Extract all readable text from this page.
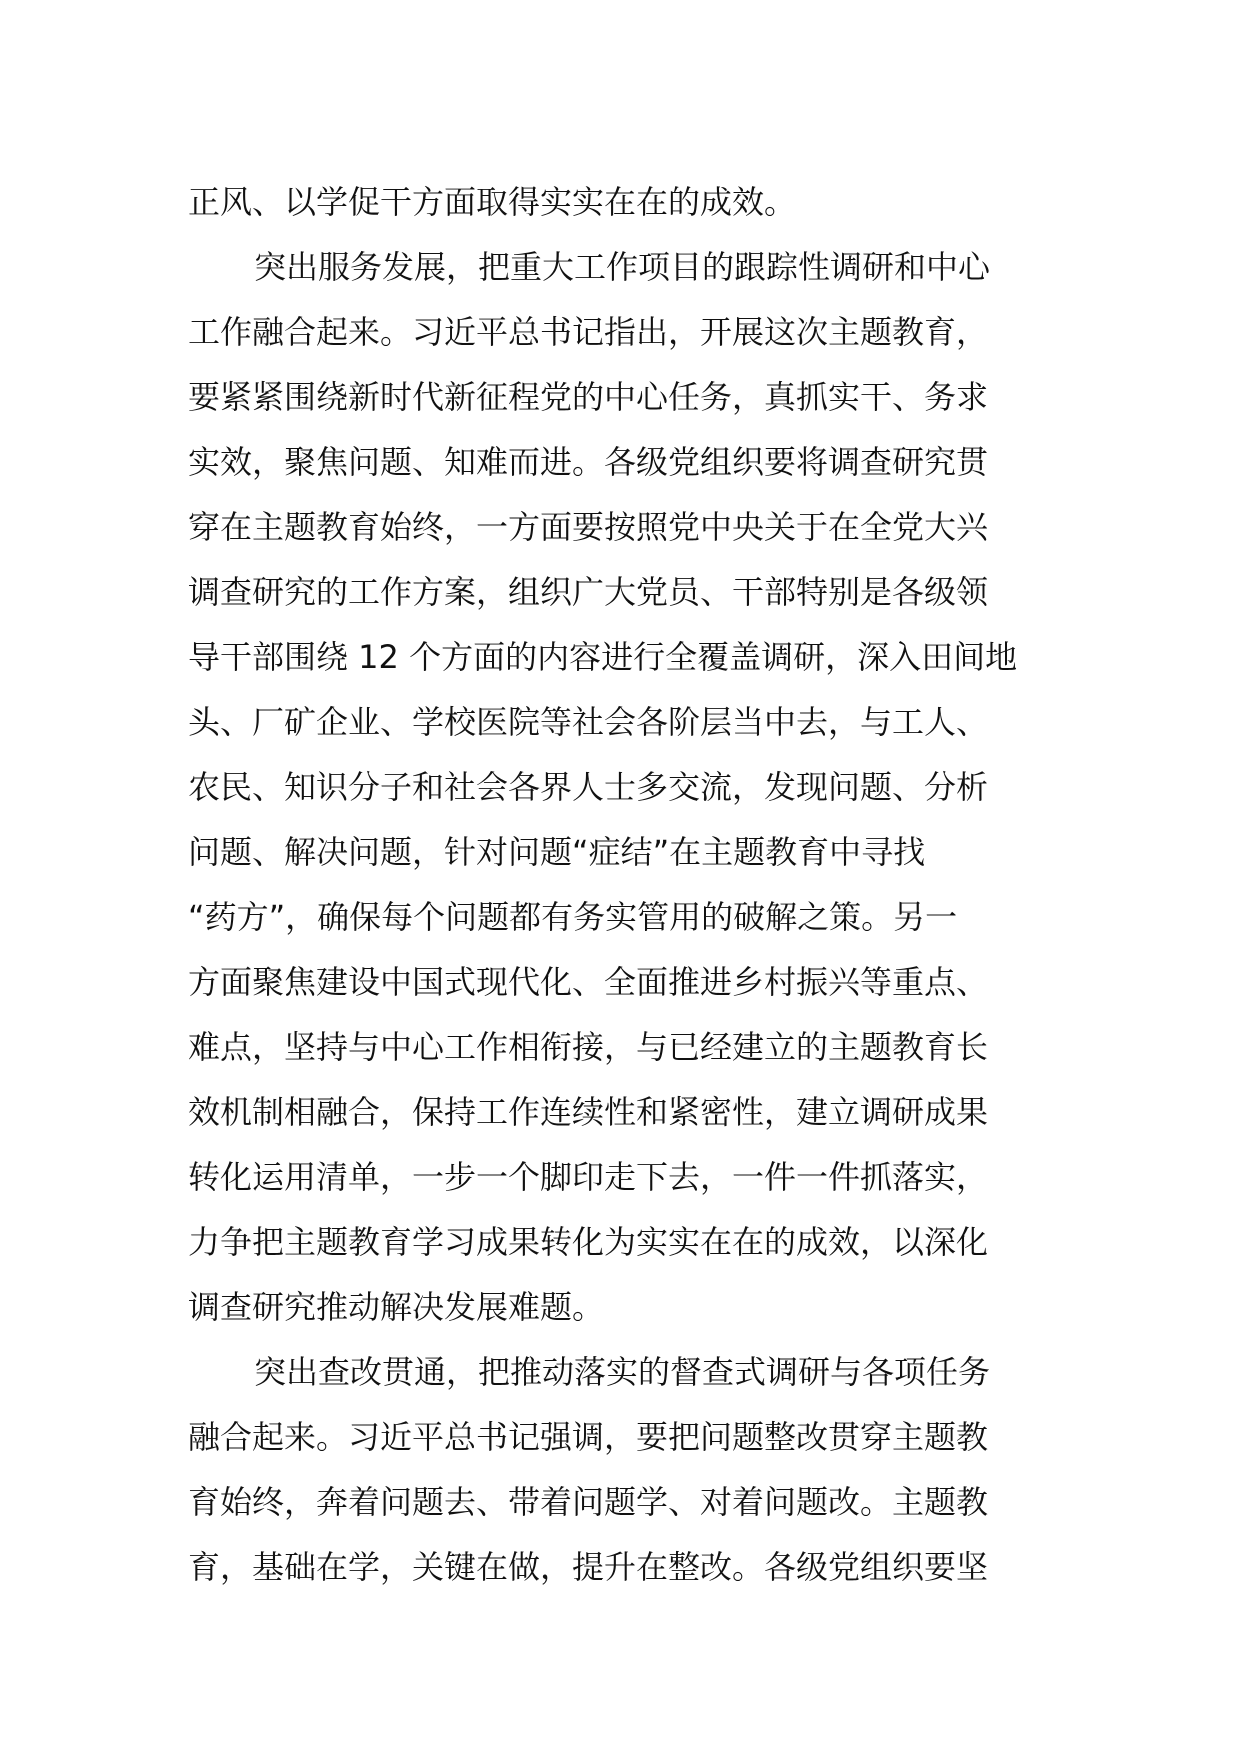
正风、以学促干方面取得实实在在的成效。
突出服务发展，把重大工作项目的跟踪性调研和中心
工作融合起来。习近平总书记指出，开展这次主题教育，
要紧紧围绕新时代新征程党的中心任务，真抓实干、务求
实效，聚焦问题、知难而进。各级党组织要将调查研究贯
穿在主题教育始终，一方面要按照党中央关于在全党大兴
调查研究的工作方案，组织广大党员、干部特别是各级领
导干部围绕 12 个方面的内容进行全覆盖调研，深入田间地
头、厂矿企业、学校医院等社会各阶层当中去，与工人、
农民、知识分子和社会各界人士多交流，发现问题、分析
问题、解决问题，针对问题“症结”在主题教育中寻找
“药方”，确保每个问题都有务实管用的破解之策。另一
方面聚焦建设中国式现代化、全面推进乡村振兴等重点、
难点，坚持与中心工作相衔接，与已经建立的主题教育长
效机制相融合，保持工作连续性和紧密性，建立调研成果
转化运用清单，一步一个脚印走下去，一件一件抓落实，
力争把主题教育学习成果转化为实实在在的成效，以深化
调查研究推动解决发展难题。
突出查改贯通，把推动落实的督查式调研与各项任务
融合起来。习近平总书记强调，要把问题整改贯穿主题教
育始终，奔着问题去、带着问题学、对着问题改。主题教
育，基础在学，关键在做，提升在整改。各级党组织要坚
